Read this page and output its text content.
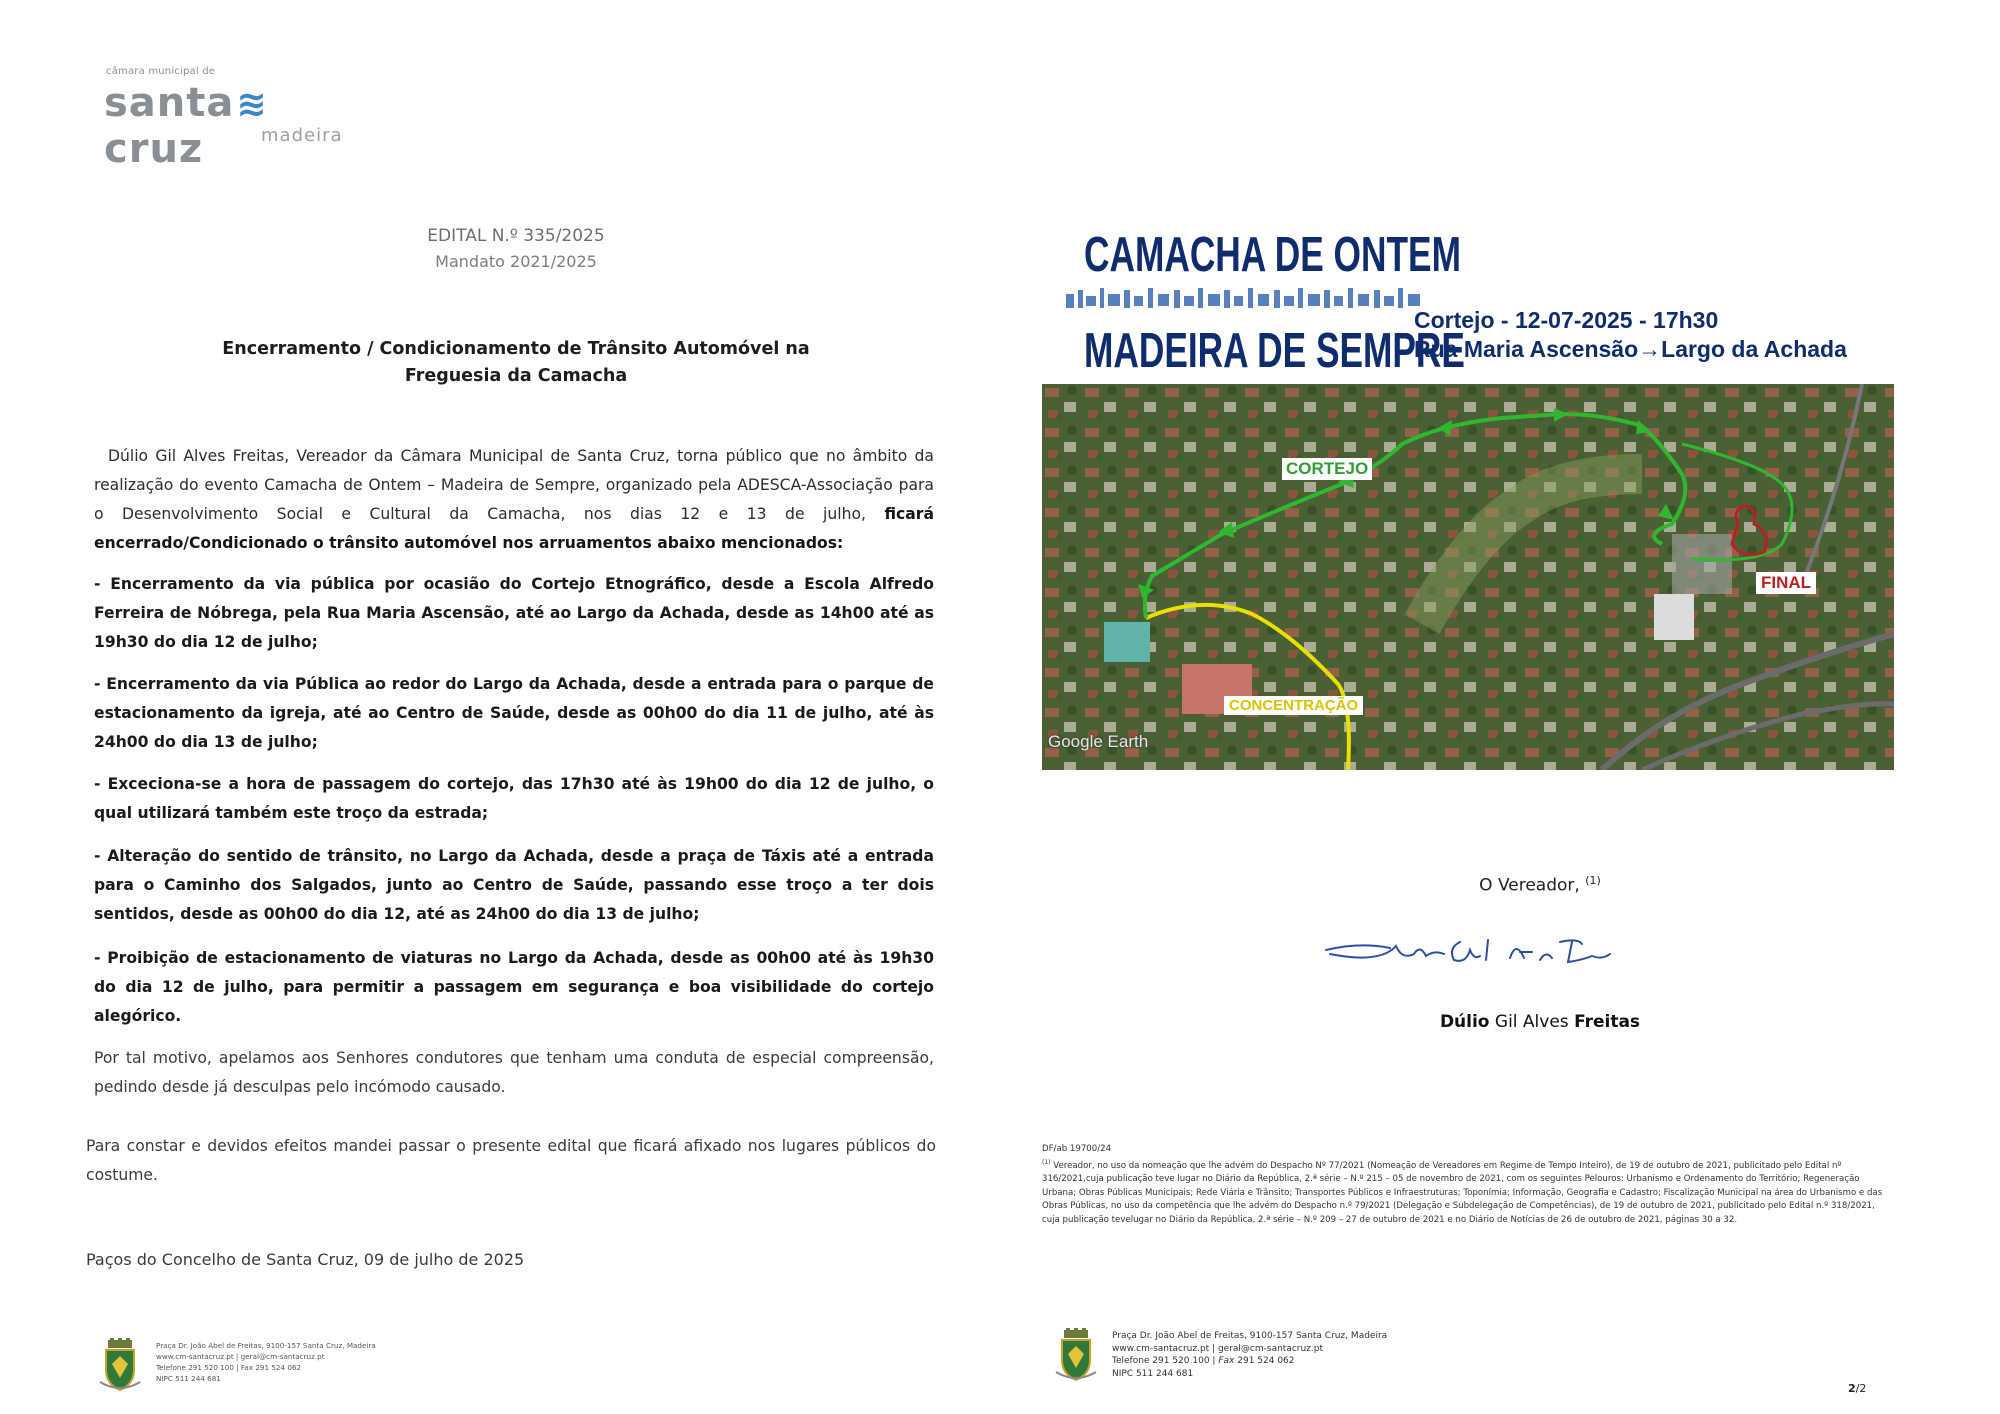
câmara municipal de
santa≋cruz	madeira
EDITAL N.º 335/2025
Mandato 2021/2025
Encerramento / Condicionamento de Trânsito Automóvel na
Freguesia da Camacha
Dúlio Gil Alves Freitas, Vereador da Câmara Municipal de Santa Cruz, torna público que no âmbito da realização do evento Camacha de Ontem – Madeira de Sempre, organizado pela ADESCA-Associação para o Desenvolvimento Social e Cultural da Camacha, nos dias 12 e 13 de julho, ficará encerrado/Condicionado o trânsito automóvel nos arruamentos abaixo mencionados:
- Encerramento da via pública por ocasião do Cortejo Etnográfico, desde a Escola Alfredo Ferreira de Nóbrega, pela Rua Maria Ascensão, até ao Largo da Achada, desde as 14h00 até as 19h30 do dia 12 de julho;
- Encerramento da via Pública ao redor do Largo da Achada, desde a entrada para o parque de estacionamento da igreja, até ao Centro de Saúde, desde as 00h00 do dia 11 de julho, até às 24h00 do dia 13 de julho;
- Exceciona-se a hora de passagem do cortejo, das 17h30 até às 19h00 do dia 12 de julho, o qual utilizará também este troço da estrada;
- Alteração do sentido de trânsito, no Largo da Achada, desde a praça de Táxis até a entrada para o Caminho dos Salgados, junto ao Centro de Saúde, passando esse troço a ter dois sentidos, desde as 00h00 do dia 12, até as 24h00 do dia 13 de julho;
- Proibição de estacionamento de viaturas no Largo da Achada, desde as 00h00 até às 19h30 do dia 12 de julho, para permitir a passagem em segurança e boa visibilidade do cortejo alegórico.
Por tal motivo, apelamos aos Senhores condutores que tenham uma conduta de especial compreensão, pedindo desde já desculpas pelo incómodo causado.
Para constar e devidos efeitos mandei passar o presente edital que ficará afixado nos lugares públicos do costume.
Paços do Concelho de Santa Cruz, 09 de julho de 2025
Praça Dr. João Abel de Freitas, 9100-157 Santa Cruz, Madeira
www.cm-santacruz.pt | geral@cm-santacruz.pt
Telefone 291 520 100 | Fax 291 524 062
NIPC 511 244 681
CAMACHA DE ONTEM
MADEIRA DE SEMPRE
Cortejo - 12-07-2025 - 17h30
Rua Maria Ascensão→Largo da Achada
CORTEJO
FINAL
CONCENTRAÇÃO
Google Earth
O Vereador, $^{(1)}$
Dúlio Gil Alves Freitas
DF/ab 19700/24
$^{(1)}$ Vereador, no uso da nomeação que lhe advém do Despacho Nº 77/2021 (Nomeação de Vereadores em Regime de Tempo Inteiro), de 19 de outubro de 2021, publicitado pelo Edital nº 316/2021,cuja publicação teve lugar no Diário da República, 2.ª série – N.º 215 – 05 de novembro de 2021, com os seguintes Pelouros: Urbanismo e Ordenamento do Território; Regeneração Urbana; Obras Públicas Municipais; Rede Viária e Trânsito; Transportes Públicos e Infraestruturas; Toponímia; Informação, Geografia e Cadastro; Fiscalização Municipal na área do Urbanismo e das Obras Públicas, no uso da competência que lhe advém do Despacho n.º 79/2021 (Delegação e Subdelegação de Competências), de 19 de outubro de 2021, publicitado pelo Edital n.º 318/2021, cuja publicação tevelugar no Diário da República, 2.ª série – N.º 209 – 27 de outubro de 2021 e no Diário de Notícias de 26 de outubro de 2021, páginas 30 a 32.
Praça Dr. João Abel de Freitas, 9100-157 Santa Cruz, Madeira
www.cm-santacruz.pt | geral@cm-santacruz.pt
Telefone 291 520 100 | Fax 291 524 062
NIPC 511 244 681
2/2
